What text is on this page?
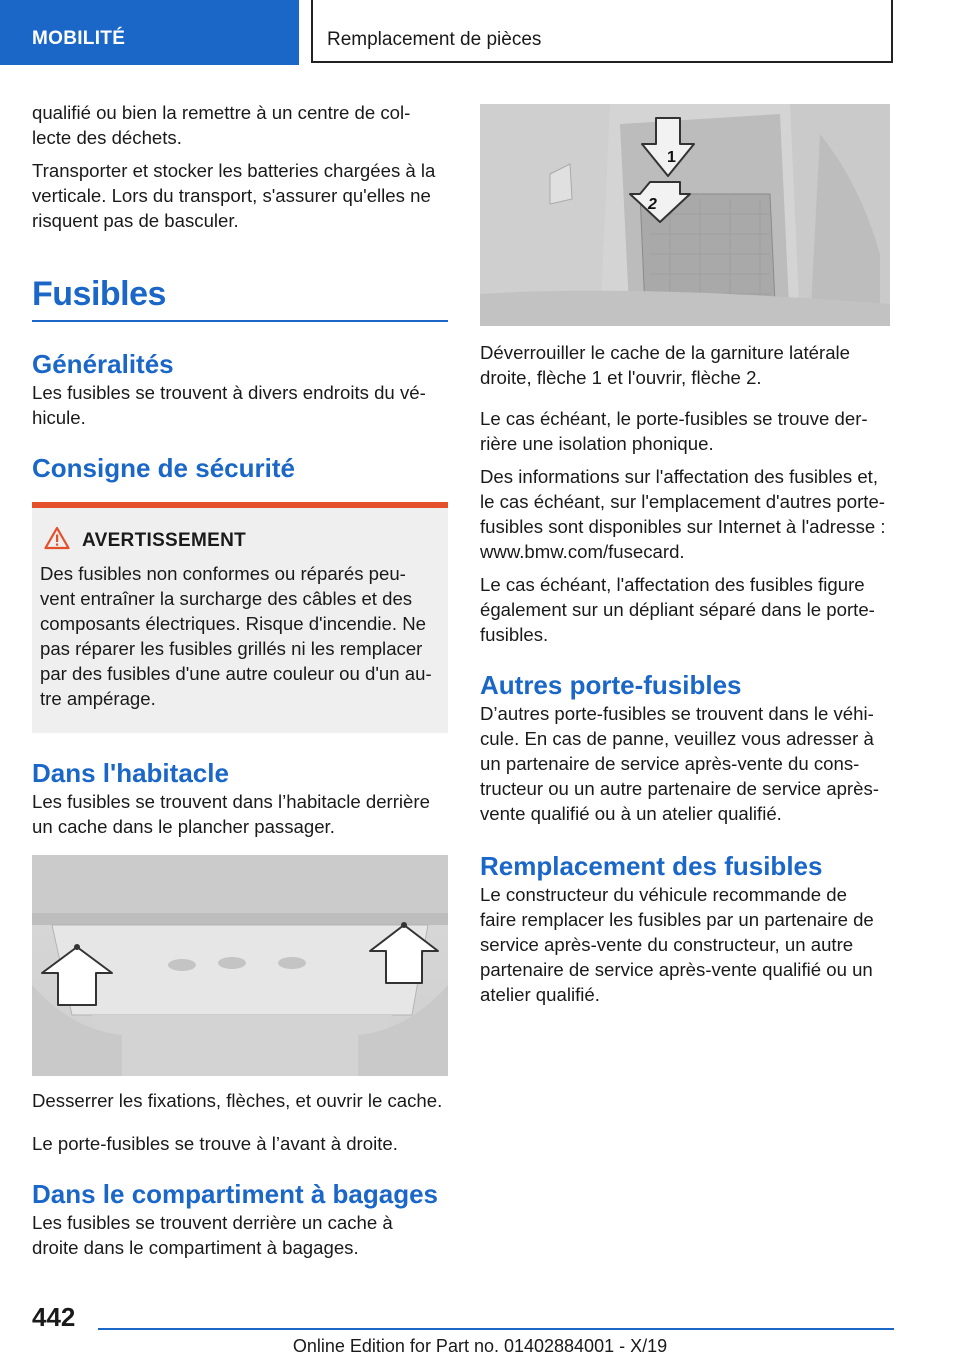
MOBILITÉ	Remplacement de pièces

qualifié ou bien la remettre à un centre de col‐ lecte des déchets.

Transporter et stocker les batteries chargées à la verticale. Lors du transport, s'assurer qu'elles ne risquent pas de basculer.

Fusibles
Généralités

Les fusibles se trouvent à divers endroits du vé‐ hicule.

Consigne de sécurité
AVERTISSEMENT

Des fusibles non conformes ou réparés peu‐ vent entraîner la surcharge des câbles et des composants électriques. Risque d'incendie. Ne pas réparer les fusibles grillés ni les remplacer par des fusibles d'une autre couleur ou d'un au‐ tre ampérage.

Dans l'habitacle

Les fusibles se trouvent dans l’habitacle derrière un cache dans le plancher passager.

Desserrer les fixations, flèches, et ouvrir le cache.

Le porte-fusibles se trouve à l’avant à droite.

Dans le compartiment à bagages

Les fusibles se trouvent derrière un cache à droite dans le compartiment à bagages.

1
2

Déverrouiller le cache de la garniture latérale droite, flèche 1 et l'ouvrir, flèche 2.

Le cas échéant, le porte-fusibles se trouve der‐ rière une isolation phonique.

Des informations sur l'affectation des fusibles et, le cas échéant, sur l'emplacement d'autres porte-fusibles sont disponibles sur Internet à l'adresse : www.bmw.com/fusecard.

Le cas échéant, l'affectation des fusibles figure également sur un dépliant séparé dans le porte- fusibles.

Autres porte-fusibles

D’autres porte-fusibles se trouvent dans le véhi‐ cule. En cas de panne, veuillez vous adresser à un partenaire de service après-vente du cons‐ tructeur ou un autre partenaire de service après- vente qualifié ou à un atelier qualifié.

Remplacement des fusibles

Le constructeur du véhicule recommande de faire remplacer les fusibles par un partenaire de service après-vente du constructeur, un autre partenaire de service après-vente qualifié ou un atelier qualifié.

442
Online Edition for Part no. 01402884001 - X/19
